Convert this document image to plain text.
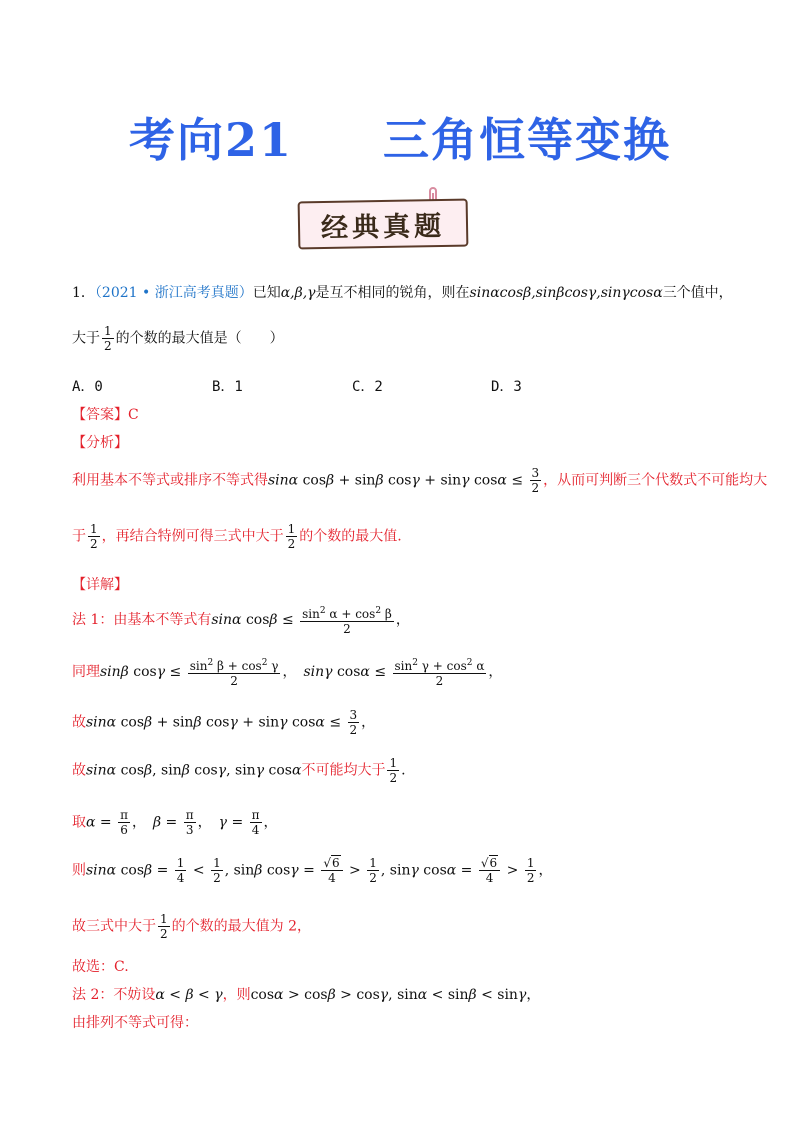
考向21     三角恒等变换
经典真题
1．（2021 • 浙江高考真题）已知α,β,γ是互不相同的锐角，则在sinαcosβ,sinβcosγ,sinγcosα三个值中，
大于 $\frac{1}{2}$ 的个数的最大值是（　　）
A．0	B．1	C．2	D．3
【答案】C
【分析】
利用基本不等式或排序不等式得sinα cosβ + sinβ cosγ + sinγ $\cos\alpha \le \frac{3}{2}$ ，从而可判断三个代数式不可能均大
于 $\frac{1}{2}$ ，再结合特例可得三式中大于 $\frac{1}{2}$ 的个数的最大值.
【详解】
法 1：由基本不等式有sinα $\cos\beta \le \frac{\sin^2 \alpha + \cos^2 \beta}{2}$ ，
同理sinβ $\cos\gamma \le \frac{\sin^2 \beta + \cos^2 \gamma}{2}$ ，　sinγ $\cos\alpha \le \frac{\sin^2 \gamma + \cos^2 \alpha}{2}$ ，
故sinα cosβ + sinβ cosγ + sinγ $\cos\alpha \le \frac{3}{2}$ ，
故sinα cosβ, sinβ cosγ, sinγ cosα不可能均大于 $\frac{1}{2}$ .
取$\alpha = \frac{\pi}{6}$ ，　$\beta = \frac{\pi}{3}$ ，　$\gamma = \frac{\pi}{4}$ ，
则sinα $\cos\beta = \frac{1}{4} < \frac{1}{2}$ , sinβ $\cos\gamma = \frac{√6}{4} > \frac{1}{2}$ , sinγ $\cos\alpha = \frac{√6}{4} > \frac{1}{2}$ ，
故三式中大于 $\frac{1}{2}$ 的个数的最大值为 2，
故选：C.
法 2：不妨设α < β < γ，则cosα > cosβ > cosγ, sinα < sinβ < sinγ，
由排列不等式可得：
